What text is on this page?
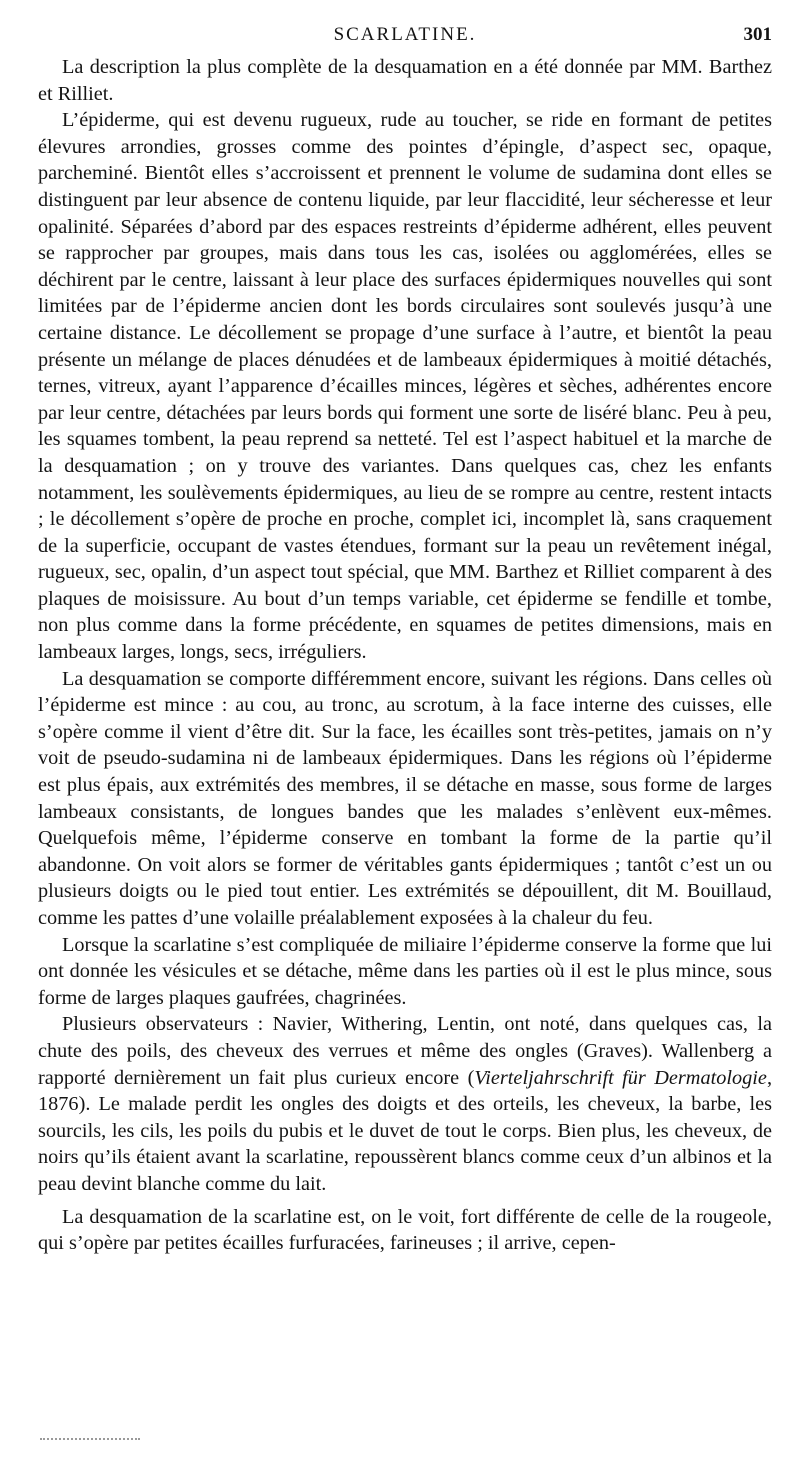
SCARLATINE.	301

La description la plus complète de la desquamation en a été donnée par MM. Barthez et Rilliet.

L’épiderme, qui est devenu rugueux, rude au toucher, se ride en formant de petites élevures arrondies, grosses comme des pointes d’épingle, d’aspect sec, opaque, parcheminé. Bientôt elles s’accroissent et prennent le volume de sudamina dont elles se distinguent par leur absence de contenu liquide, par leur flaccidité, leur sécheresse et leur opalinité. Séparées d’abord par des espaces restreints d’épiderme adhérent, elles peuvent se rapprocher par groupes, mais dans tous les cas, isolées ou agglomérées, elles se déchirent par le centre, laissant à leur place des surfaces épidermiques nouvelles qui sont limitées par de l’épiderme ancien dont les bords circulaires sont soulevés jusqu’à une certaine distance. Le décollement se propage d’une surface à l’autre, et bientôt la peau présente un mélange de places dénudées et de lambeaux épidermiques à moitié détachés, ternes, vitreux, ayant l’apparence d’écailles minces, légères et sèches, adhérentes encore par leur centre, détachées par leurs bords qui forment une sorte de liséré blanc. Peu à peu, les squames tombent, la peau reprend sa netteté. Tel est l’aspect habituel et la marche de la desquamation ; on y trouve des variantes. Dans quelques cas, chez les enfants notamment, les soulèvements épidermiques, au lieu de se rompre au centre, restent intacts ; le décollement s’opère de proche en proche, complet ici, incomplet là, sans craquement de la superficie, occupant de vastes étendues, formant sur la peau un revêtement inégal, rugueux, sec, opalin, d’un aspect tout spécial, que MM. Barthez et Rilliet comparent à des plaques de moisissure. Au bout d’un temps variable, cet épiderme se fendille et tombe, non plus comme dans la forme précédente, en squames de petites dimensions, mais en lambeaux larges, longs, secs, irréguliers.

La desquamation se comporte différemment encore, suivant les régions. Dans celles où l’épiderme est mince : au cou, au tronc, au scrotum, à la face interne des cuisses, elle s’opère comme il vient d’être dit. Sur la face, les écailles sont très-petites, jamais on n’y voit de pseudo-sudamina ni de lambeaux épidermiques. Dans les régions où l’épiderme est plus épais, aux extrémités des membres, il se détache en masse, sous forme de larges lambeaux consistants, de longues bandes que les malades s’enlèvent eux-mêmes. Quelquefois même, l’épiderme conserve en tombant la forme de la partie qu’il abandonne. On voit alors se former de véritables gants épidermiques ; tantôt c’est un ou plusieurs doigts ou le pied tout entier. Les extrémités se dépouillent, dit M. Bouillaud, comme les pattes d’une volaille préalablement exposées à la chaleur du feu.

Lorsque la scarlatine s’est compliquée de miliaire l’épiderme conserve la forme que lui ont donnée les vésicules et se détache, même dans les parties où il est le plus mince, sous forme de larges plaques gaufrées, chagrinées.

Plusieurs observateurs : Navier, Withering, Lentin, ont noté, dans quelques cas, la chute des poils, des cheveux des verrues et même des ongles (Graves). Wallenberg a rapporté dernièrement un fait plus curieux encore (Vierteljahrschrift für Dermatologie, 1876). Le malade perdit les ongles des doigts et des orteils, les cheveux, la barbe, les sourcils, les cils, les poils du pubis et le duvet de tout le corps. Bien plus, les cheveux, de noirs qu’ils étaient avant la scarlatine, repoussèrent blancs comme ceux d’un albinos et la peau devint blanche comme du lait.

La desquamation de la scarlatine est, on le voit, fort différente de celle de la rougeole, qui s’opère par petites écailles furfuracées, farineuses ; il arrive, cepen-
